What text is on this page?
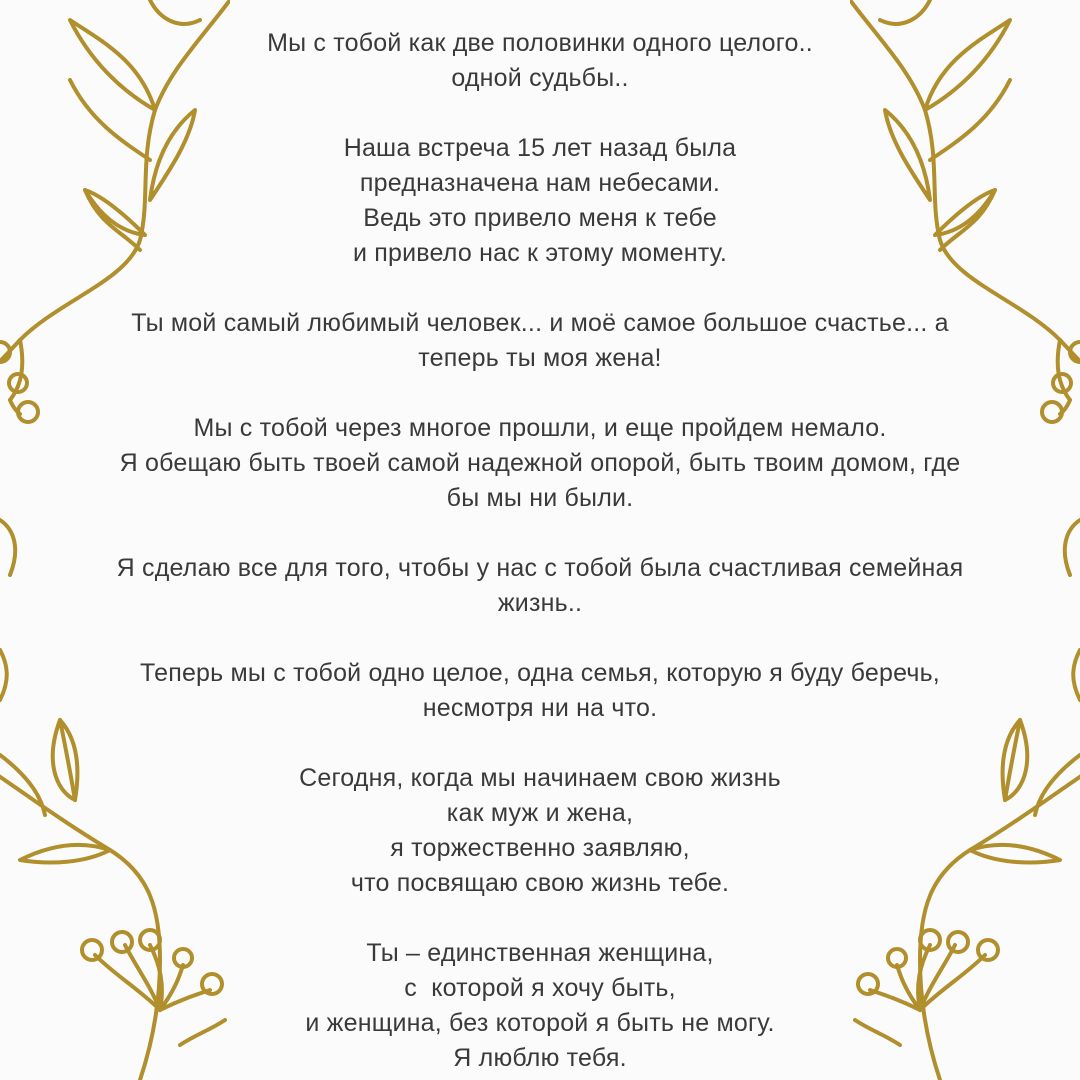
Мы с тобой как две половинки одного целого..
одной судьбы..
Наша встреча 15 лет назад была
предназначена нам небесами.
Ведь это привело меня к тебе
и привело нас к этому моменту.
Ты мой самый любимый человек... и моё самое большое счастье... а
теперь ты моя жена!
Мы с тобой через многое прошли, и еще пройдем немало.
Я обещаю быть твоей самой надежной опорой, быть твоим домом, где
бы мы ни были.
Я сделаю все для того, чтобы у нас с тобой была счастливая семейная
жизнь..
Теперь мы с тобой одно целое, одна семья, которую я буду беречь,
несмотря ни на что.
Сегодня, когда мы начинаем свою жизнь
как муж и жена,
я торжественно заявляю,
что посвящаю свою жизнь тебе.
Ты – единственная женщина,
с  которой я хочу быть,
и женщина, без которой я быть не могу.
Я люблю тебя.
